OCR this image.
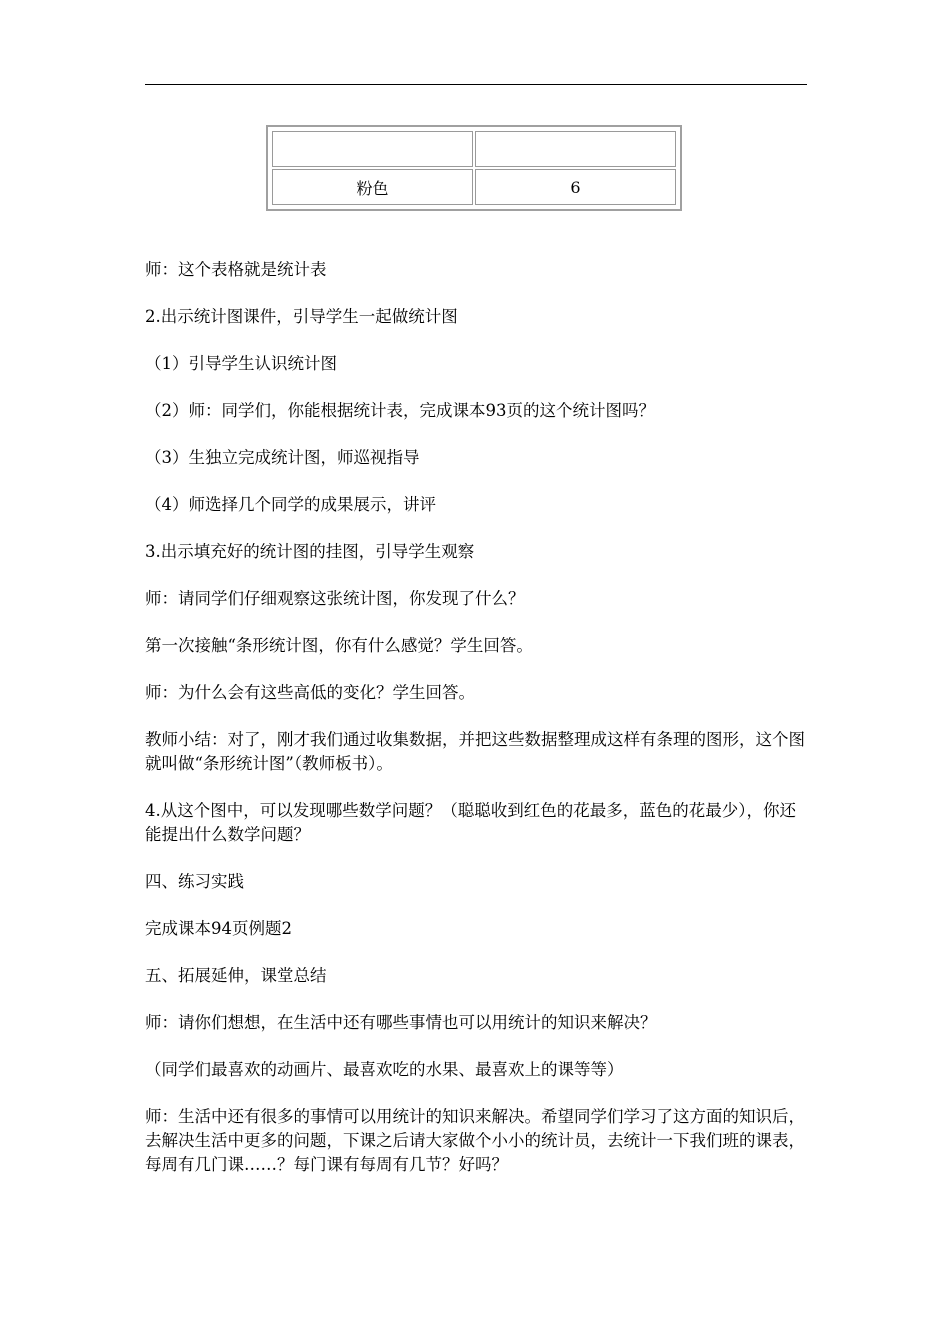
粉色	6

师：这个表格就是统计表

2.出示统计图课件，引导学生一起做统计图

（1）引导学生认识统计图

（2）师：同学们，你能根据统计表，完成课本93页的这个统计图吗？

（3）生独立完成统计图，师巡视指导

（4）师选择几个同学的成果展示，讲评

3.出示填充好的统计图的挂图，引导学生观察

师：请同学们仔细观察这张统计图，你发现了什么？

第一次接触“条形统计图，你有什么感觉？学生回答。

师：为什么会有这些高低的变化？学生回答。

教师小结：对了，刚才我们通过收集数据，并把这些数据整理成这样有条理的图形，这个图就叫做“条形统计图”（教师板书）。

4.从这个图中，可以发现哪些数学问题？（聪聪收到红色的花最多，蓝色的花最少），你还能提出什么数学问题？

四、练习实践

完成课本94页例题2

五、拓展延伸，课堂总结

师：请你们想想，在生活中还有哪些事情也可以用统计的知识来解决？

（同学们最喜欢的动画片、最喜欢吃的水果、最喜欢上的课等等）

师：生活中还有很多的事情可以用统计的知识来解决。希望同学们学习了这方面的知识后，去解决生活中更多的问题，下课之后请大家做个小小的统计员，去统计一下我们班的课表，每周有几门课……？每门课有每周有几节？好吗？
